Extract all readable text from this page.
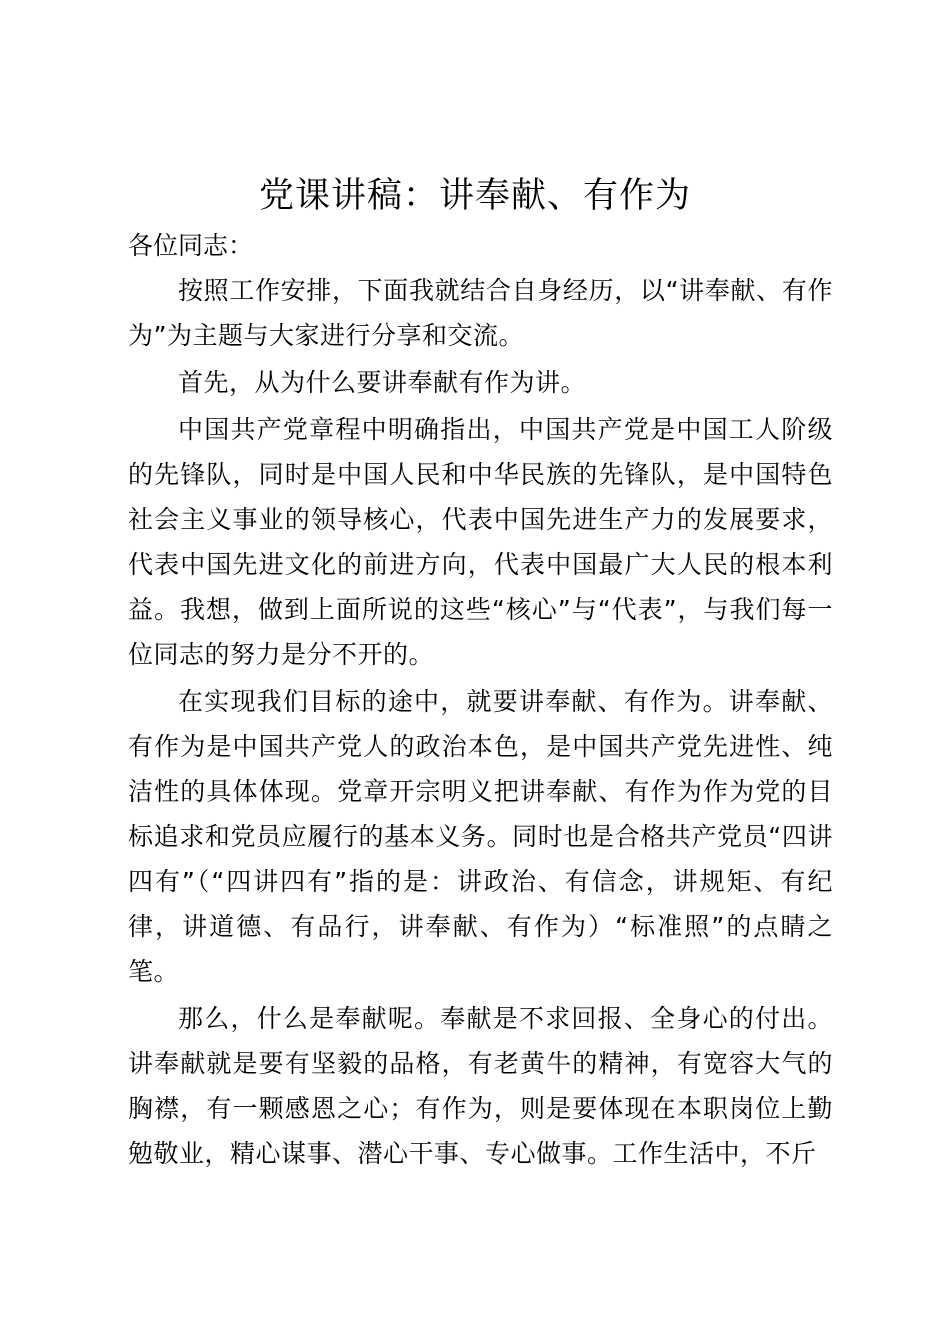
党课讲稿：讲奉献、有作为

各位同志：

按照工作安排，下面我就结合自身经历，以“讲奉献、有作为”为主题与大家进行分享和交流。

首先，从为什么要讲奉献有作为讲。

中国共产党章程中明确指出，中国共产党是中国工人阶级的先锋队，同时是中国人民和中华民族的先锋队，是中国特色社会主义事业的领导核心，代表中国先进生产力的发展要求，代表中国先进文化的前进方向，代表中国最广大人民的根本利益。我想，做到上面所说的这些“核心”与“代表”，与我们每一位同志的努力是分不开的。

在实现我们目标的途中，就要讲奉献、有作为。讲奉献、有作为是中国共产党人的政治本色，是中国共产党先进性、纯洁性的具体体现。党章开宗明义把讲奉献、有作为作为党的目标追求和党员应履行的基本义务。同时也是合格共产党员“四讲四有”（“四讲四有”指的是：讲政治、有信念，讲规矩、有纪律，讲道德、有品行，讲奉献、有作为）“标准照”的点睛之笔。

那么，什么是奉献呢。奉献是不求回报、全身心的付出。讲奉献就是要有坚毅的品格，有老黄牛的精神，有宽容大气的胸襟，有一颗感恩之心；有作为，则是要体现在本职岗位上勤勉敬业，精心谋事、潜心干事、专心做事。工作生活中，不斤
